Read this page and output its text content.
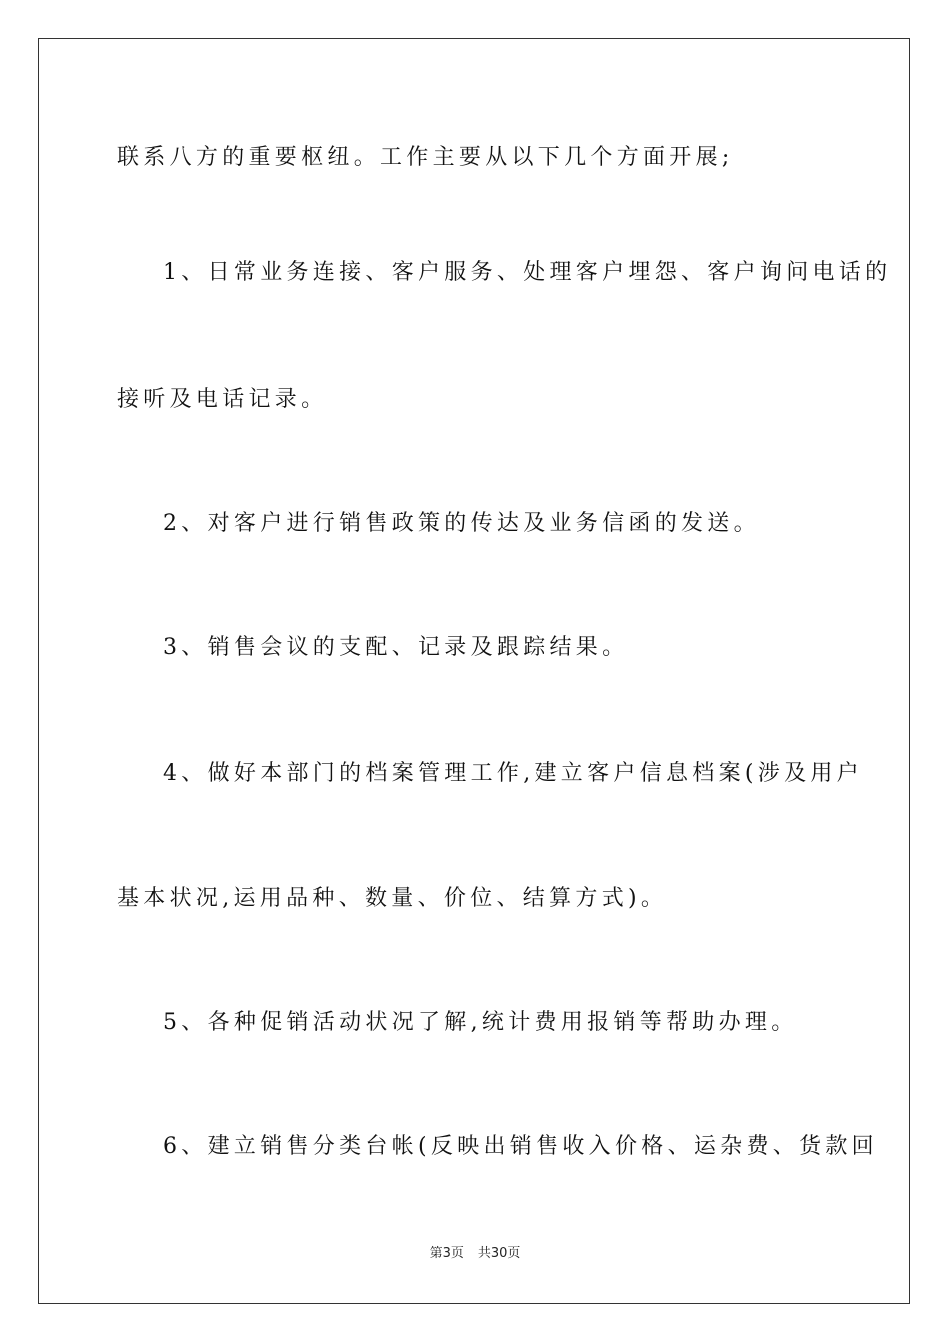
联系八方的重要枢纽。工作主要从以下几个方面开展;
1、日常业务连接、客户服务、处理客户埋怨、客户询问电话的
接听及电话记录。
2、对客户进行销售政策的传达及业务信函的发送。
3、销售会议的支配、记录及跟踪结果。
4、做好本部门的档案管理工作,建立客户信息档案(涉及用户
基本状况,运用品种、数量、价位、结算方式)。
5、各种促销活动状况了解,统计费用报销等帮助办理。
6、建立销售分类台帐(反映出销售收入价格、运杂费、货款回
第3页 共30页
